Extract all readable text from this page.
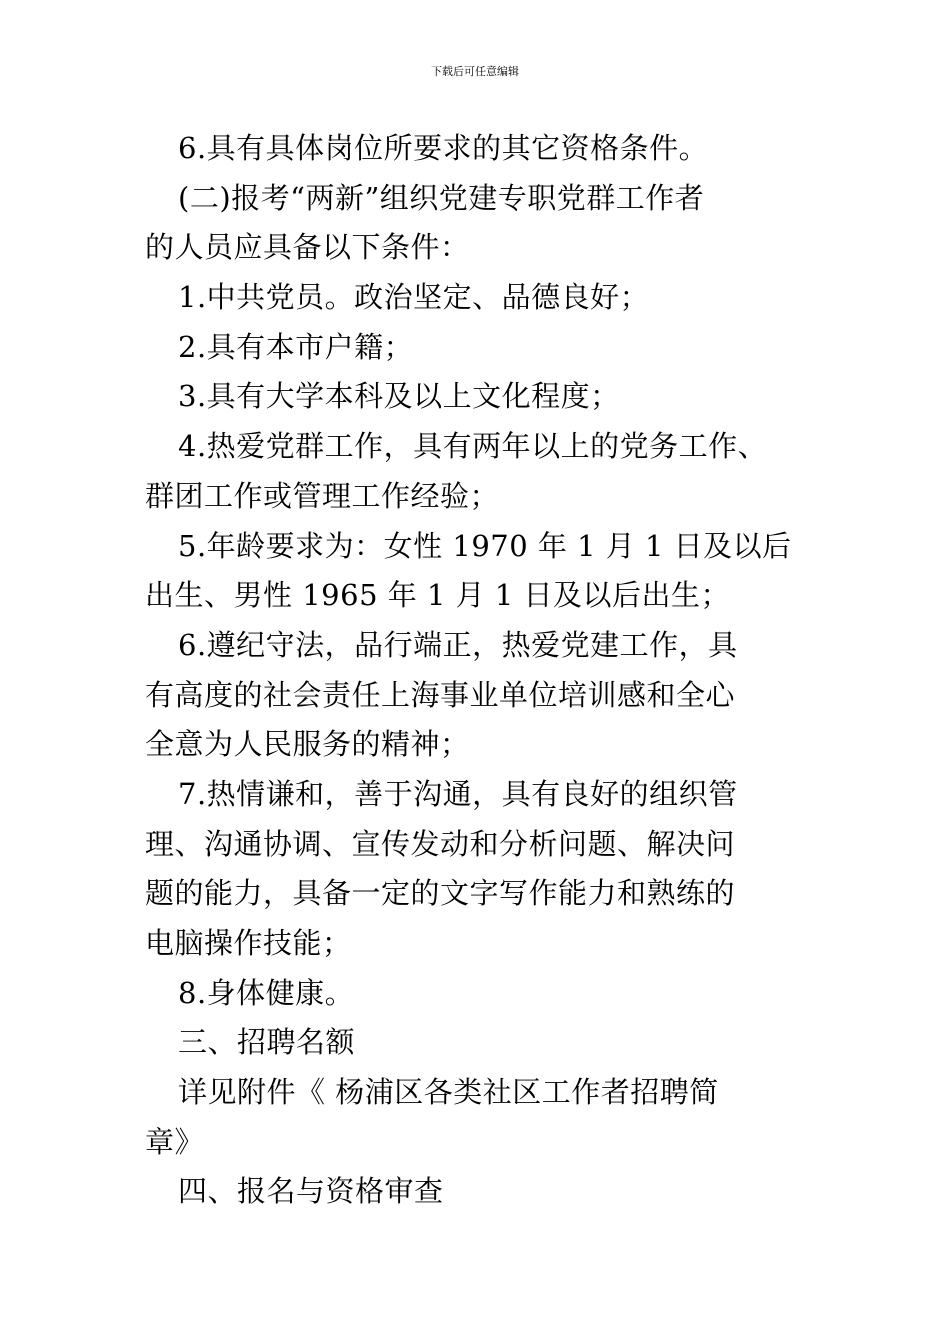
下载后可任意编辑
6.具有具体岗位所要求的其它资格条件。
(二)报考“两新”组织党建专职党群工作者
的人员应具备以下条件：
1.中共党员。政治坚定、品德良好；
2.具有本市户籍；
3.具有大学本科及以上文化程度；
4.热爱党群工作，具有两年以上的党务工作、
群团工作或管理工作经验；
5.年龄要求为：女性 1970 年 1 月 1 日及以后
出生、男性 1965 年 1 月 1 日及以后出生；
6.遵纪守法，品行端正，热爱党建工作，具
有高度的社会责任上海事业单位培训感和全心
全意为人民服务的精神；
7.热情谦和，善于沟通，具有良好的组织管
理、沟通协调、宣传发动和分析问题、解决问
题的能力，具备一定的文字写作能力和熟练的
电脑操作技能；
8.身体健康。
三、招聘名额
详见附件《 杨浦区各类社区工作者招聘简
章》
四、报名与资格审查
